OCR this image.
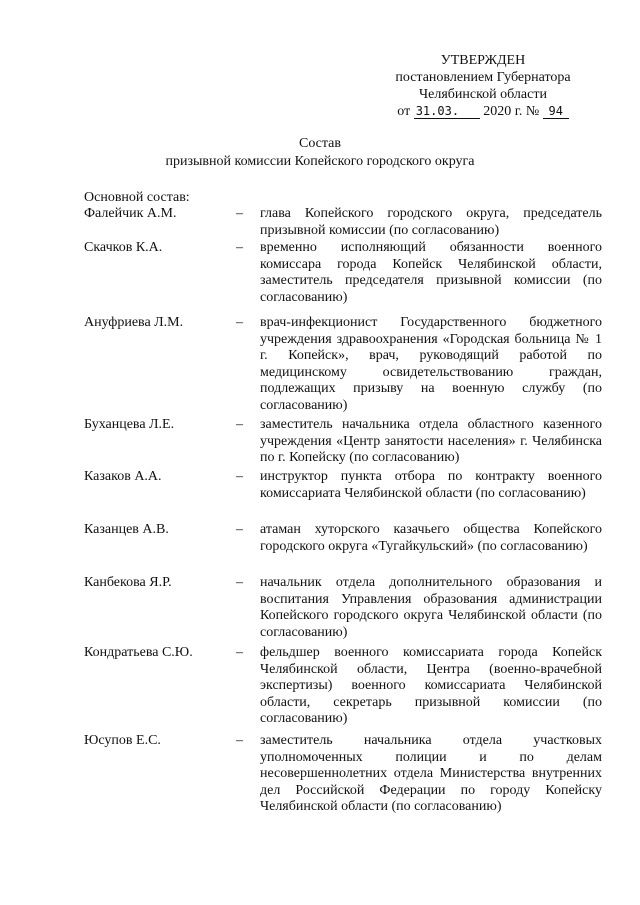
УТВЕРЖДЕН
постановлением Губернатора
Челябинской области
от 31.03. 2020 г. № 94
Состав
призывной комиссии Копейского городского округа
Основной состав:
Фалейчик А.М.	–	глава Копейского городского округа, председатель призывной комиссии (по согласованию)
Скачков К.А.	–	временно исполняющий обязанности военного комиссара города Копейск Челябинской области, заместитель председателя призывной комиссии (по согласованию)
Ануфриева Л.М.	–	врач-инфекционист Государственного бюджетного учреждения здравоохранения «Городская больница № 1 г. Копейск», врач, руководящий работой по медицинскому освидетельствованию граждан, подлежащих призыву на военную службу (по согласованию)
Буханцева Л.Е.	–	заместитель начальника отдела областного казенного учреждения «Центр занятости населения» г. Челябинска по г. Копейску (по согласованию)
Казаков А.А.	–	инструктор пункта отбора по контракту военного комиссариата Челябинской области (по согласованию)
Казанцев А.В.	–	атаман хуторского казачьего общества Копейского городского округа «Тугайкульский» (по согласованию)
Канбекова Я.Р.	–	начальник отдела дополнительного образования и воспитания Управления образования администрации Копейского городского округа Челябинской области (по согласованию)
Кондратьева С.Ю.	–	фельдшер военного комиссариата города Копейск Челябинской области, Центра (военно-врачебной экспертизы) военного комиссариата Челябинской области, секретарь призывной комиссии (по согласованию)
Юсупов Е.С.	–	заместитель начальника отдела участковых уполномоченных полиции и по делам несовершеннолетних отдела Министерства внутренних дел Российской Федерации по городу Копейску Челябинской области (по согласованию)
